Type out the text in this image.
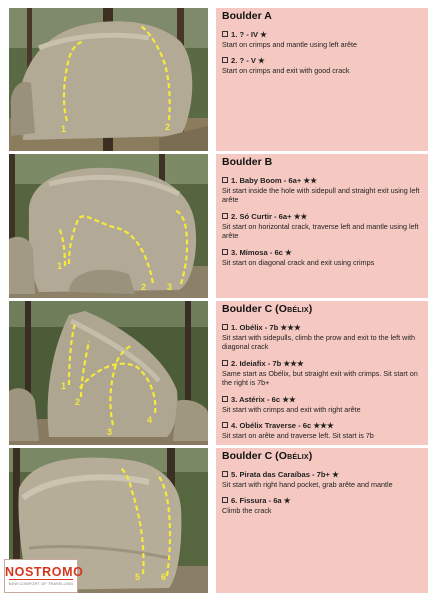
1	2
Boulder A
1. ? - IV ★
Start on crimps and mantle using left arête
2. ? - V ★
Start on crimps and exit with good crack
1
2 3
Boulder B
1. Baby Boom - 6a+ ★★
Sit start inside the hole with sidepull and straight exit using left arête
2. Só Curtir - 6a+ ★★
Sit start on horizontal crack, traverse left and mantle using left arête
3. Mimosa - 6c ★
Sit start on diagonal crack and exit using crimps
1
2
3
4
Boulder C (Obélix)
1. Obélix - 7b ★★★
Sit start with sidepulls, climb the prow and exit to the left with diagonal crack
2. Ideiafix - 7b ★★★
Same start as Obélix, but straight exit with crimps. Sit start on the right is 7b+
3. Astérix - 6c ★★
Sit start with crimps and exit with right arête
4. Obélix Traverse - 6c ★★★
Sit start on arête and traverse left. Sit start is 7b
5 6
Boulder C (Obélix)
5. Pirata das Caraíbas - 7b+ ★
Sit start with right hand pocket, grab arête and mantle
6. Fissura - 6a ★
Climb the crack
NOSTROMO
NEW COMFORT OF TRAVELLING
